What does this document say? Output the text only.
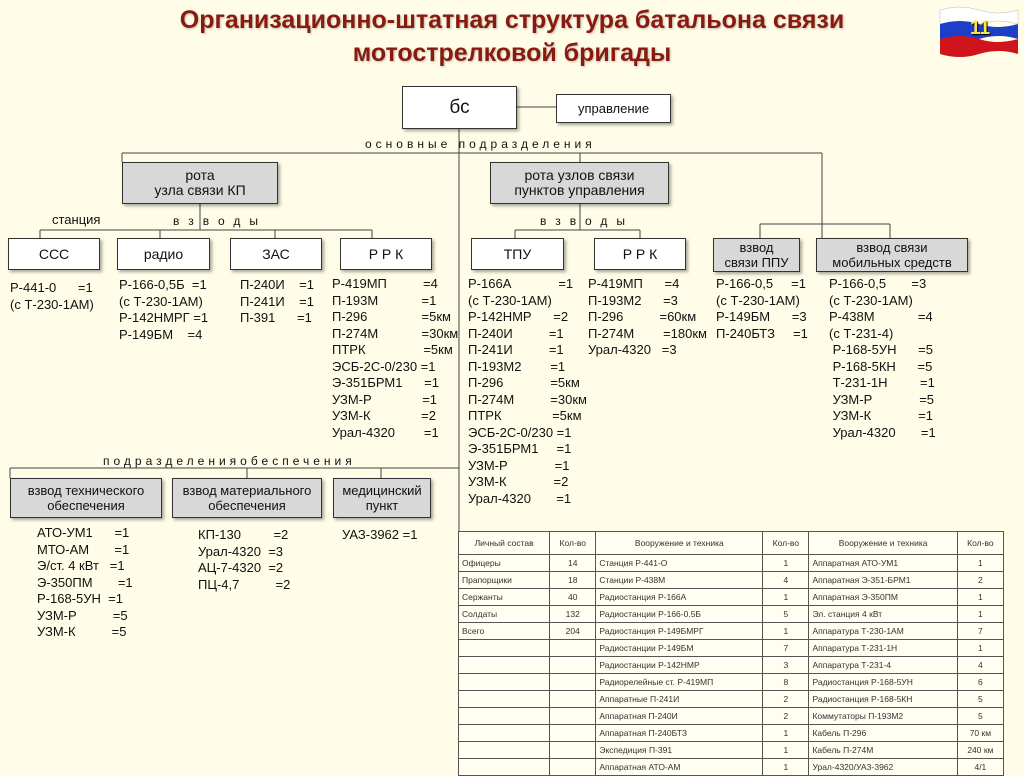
Организационно-штатная структура батальона связи
мотострелковой бригады
11
бс	управление
основные подразделения
рота
узла связи КП
рота узлов связи
пунктов управления
станция	взводы	взводы
ССС	радио	ЗАС	Р Р К	ТПУ	Р Р К	взвод
связи ППУ
взвод связи
мобильных средств
Р-441-0      =1
(с Т-230-1АМ)
Р-166-0,5Б  =1
(с Т-230-1АМ)
Р-142НМРГ =1
Р-149БМ    =4
П-240И    =1
П-241И    =1
П-391      =1
Р-419МП          =4
П-193М            =1
П-296               =5км
П-274М            =30км
ПТРК                =5км
ЭСБ-2С-0/230 =1
Э-351БРМ1      =1
УЗМ-Р              =1
УЗМ-К              =2
Урал-4320        =1
Р-166А             =1
(с Т-230-1АМ)
Р-142НМР      =2
П-240И          =1
П-241И          =1
П-193М2        =1
П-296             =5км
П-274М          =30км
ПТРК              =5км
ЭСБ-2С-0/230 =1
Э-351БРМ1     =1
УЗМ-Р             =1
УЗМ-К             =2
Урал-4320       =1
Р-419МП      =4
П-193М2      =3
П-296          =60км
П-274М        =180км
Урал-4320   =3
Р-166-0,5     =1
(с Т-230-1АМ)
Р-149БМ      =3
П-240БТЗ     =1
Р-166-0,5       =3
(с Т-230-1АМ)
Р-438М            =4
(с Т-231-4)
Р-168-5УН      =5
Р-168-5КН      =5
Т-231-1Н         =1
УЗМ-Р             =5
УЗМ-К             =1
Урал-4320       =1
подразделенияобеспечения
взвод технического
обеспечения
взвод материального
обеспечения
медицинский
пункт
АТО-УМ1      =1
МТО-АМ       =1
Э/ст. 4 кВт   =1
Э-350ПМ       =1
Р-168-5УН  =1
УЗМ-Р          =5
УЗМ-К          =5
КП-130         =2
Урал-4320  =3
АЦ-7-4320  =2
ПЦ-4,7          =2
УАЗ-3962 =1
Личный состав	Кол-во	Вооружение и техника	Кол-во	Вооружение и техника	Кол-во
Офицеры	14	Станция Р-441-О	1	Аппаратная АТО-УМ1	1
Прапорщики	18	Станции Р-438М	4	Аппаратная Э-351-БРМ1	2
Сержанты	40	Радиостанция Р-166А	1	Аппаратная Э-350ПМ	1
Солдаты	132	Радиостанции Р-166-0.5Б	5	Эл. станция 4 кВт	1
Всего	204	Радиостанция Р-149БМРГ	1	Аппаратура Т-230-1АМ	7
		Радиостанции Р-149БМ	7	Аппаратура Т-231-1Н	1
		Радиостанции Р-142НМР	3	Аппаратура Т-231-4	4
		Радиорелейные ст. Р-419МП	8	Радиостанция Р-168-5УН	6
		Аппаратные П-241И	2	Радиостанция Р-168-5КН	5
		Аппаратная П-240И	2	Коммутаторы П-193М2	5
		Аппаратная П-240БТЗ	1	Кабель П-296	70 км
		Экспедиция П-391	1	Кабель П-274М	240 км
		Аппаратная АТО-АМ	1	Урал-4320/УАЗ-3962	4/1
